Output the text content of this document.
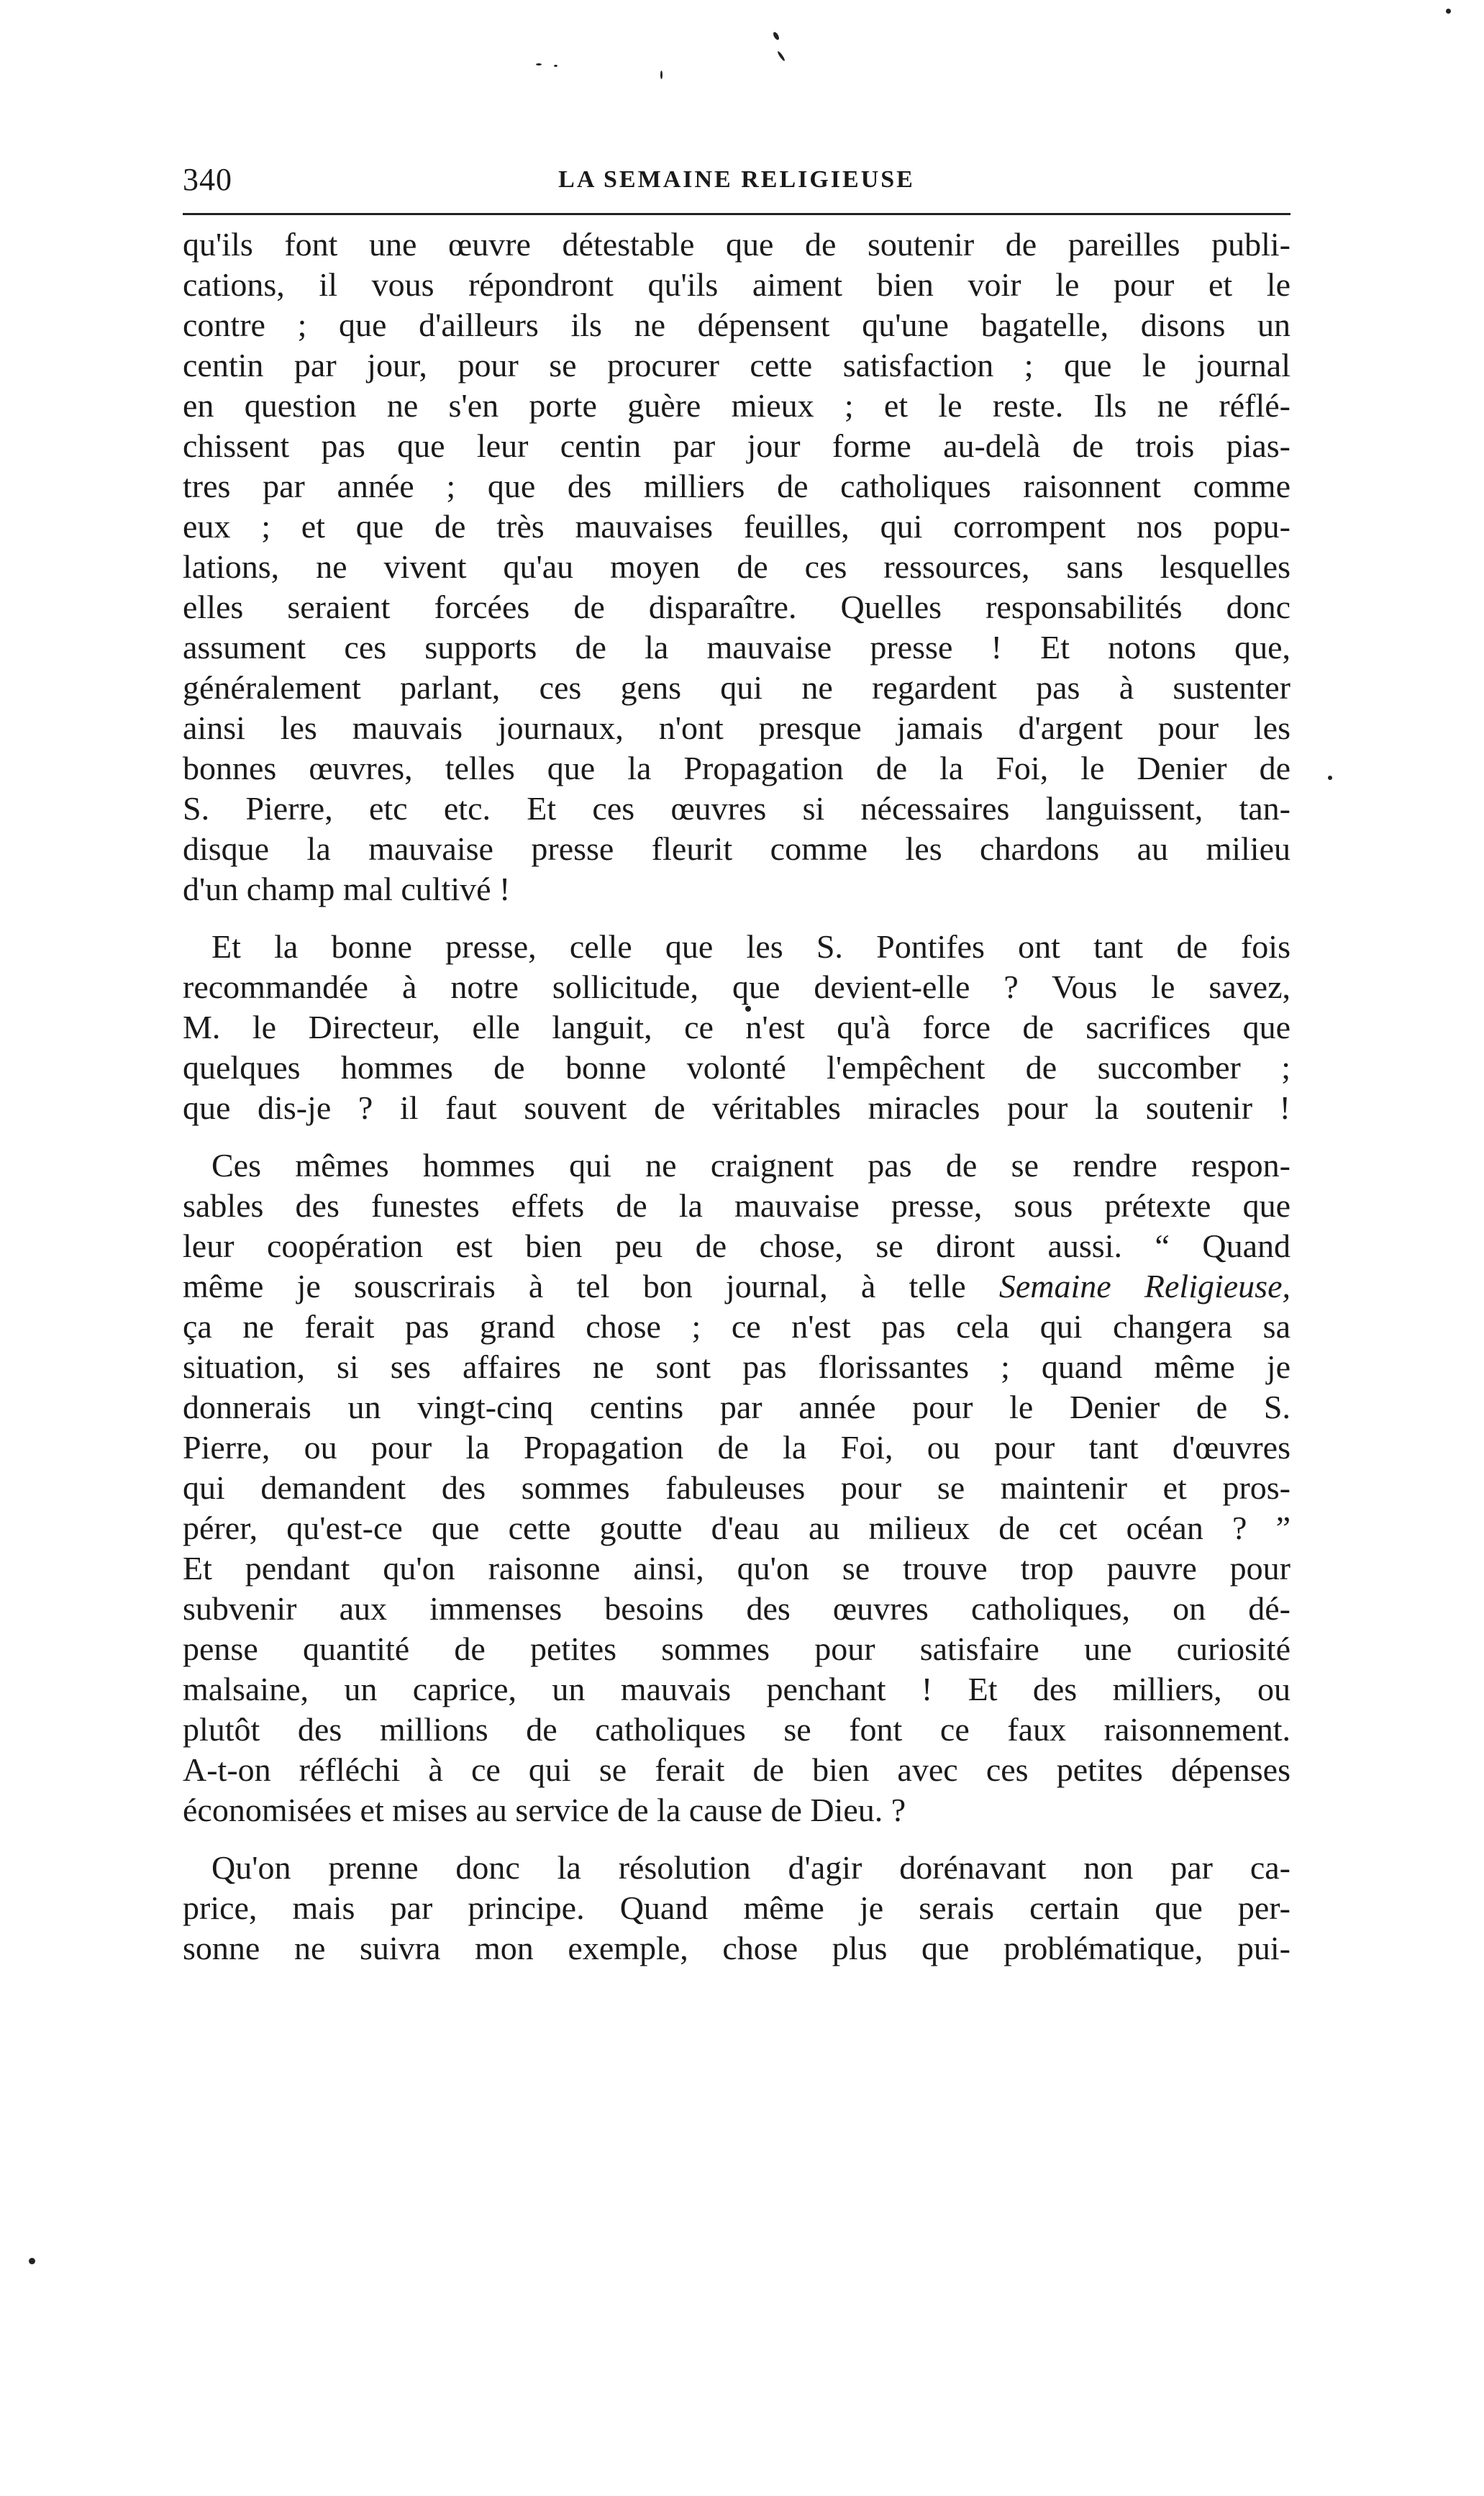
340	LA SEMAINE RELIGIEUSE

qu'ils font une œuvre détestable que de soutenir de pareilles publi-
cations, il vous répondront qu'ils aiment bien voir le pour et le
contre ; que d'ailleurs ils ne dépensent qu'une bagatelle, disons un
centin par jour, pour se procurer cette satisfaction ; que le journal
en question ne s'en porte guère mieux ; et le reste. Ils ne réflé-
chissent pas que leur centin par jour forme au-delà de trois pias-
tres par année ; que des milliers de catholiques raisonnent comme
eux ; et que de très mauvaises feuilles, qui corrompent nos popu-
lations, ne vivent qu'au moyen de ces ressources, sans lesquelles
elles seraient forcées de disparaître. Quelles responsabilités donc
assument ces supports de la mauvaise presse ! Et notons que,
généralement parlant, ces gens qui ne regardent pas à sustenter
ainsi les mauvais journaux, n'ont presque jamais d'argent pour les
bonnes œuvres, telles que la Propagation de la Foi, le Denier de
S. Pierre, etc etc. Et ces œuvres si nécessaires languissent, tan-
disque la mauvaise presse fleurit comme les chardons au milieu
d'un champ mal cultivé !

Et la bonne presse, celle que les S. Pontifes ont tant de fois
recommandée à notre sollicitude, que devient-elle ? Vous le savez,
M. le Directeur, elle languit, ce n'est qu'à force de sacrifices que
quelques hommes de bonne volonté l'empêchent de succomber ;
que dis-je ? il faut souvent de véritables miracles pour la soutenir !

Ces mêmes hommes qui ne craignent pas de se rendre respon-
sables des funestes effets de la mauvaise presse, sous prétexte que
leur coopération est bien peu de chose, se diront aussi. “ Quand
même je souscrirais à tel bon journal, à telle Semaine Religieuse,
ça ne ferait pas grand chose ; ce n'est pas cela qui changera sa
situation, si ses affaires ne sont pas florissantes ; quand même je
donnerais un vingt-cinq centins par année pour le Denier de S.
Pierre, ou pour la Propagation de la Foi, ou pour tant d'œuvres
qui demandent des sommes fabuleuses pour se maintenir et pros-
pérer, qu'est-ce que cette goutte d'eau au milieux de cet océan ? ”
Et pendant qu'on raisonne ainsi, qu'on se trouve trop pauvre pour
subvenir aux immenses besoins des œuvres catholiques, on dé-
pense quantité de petites sommes pour satisfaire une curiosité
malsaine, un caprice, un mauvais penchant ! Et des milliers, ou
plutôt des millions de catholiques se font ce faux raisonnement.
A-t-on réfléchi à ce qui se ferait de bien avec ces petites dépenses
économisées et mises au service de la cause de Dieu. ?

Qu'on prenne donc la résolution d'agir dorénavant non par ca-
price, mais par principe. Quand même je serais certain que per-
sonne ne suivra mon exemple, chose plus que problématique, pui-
